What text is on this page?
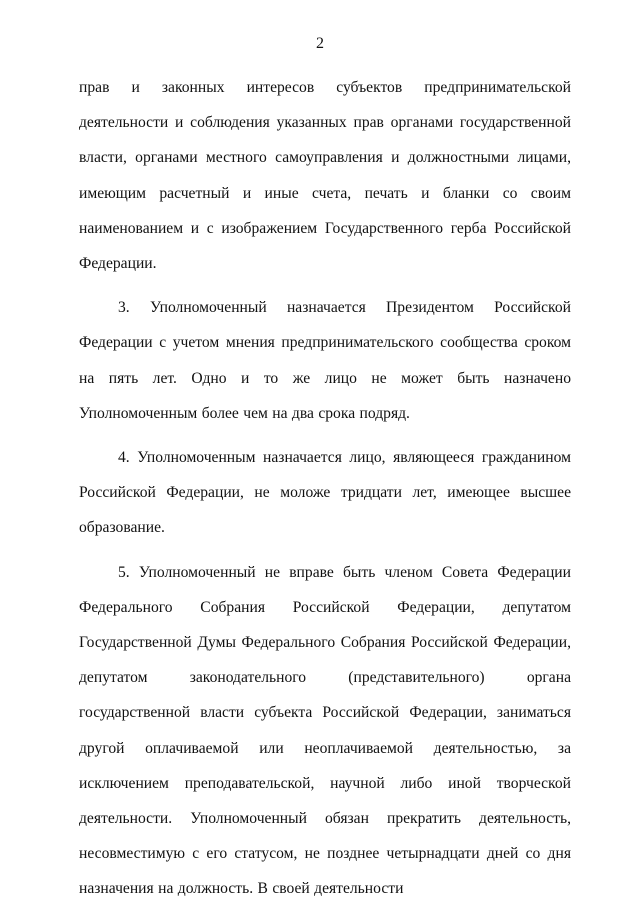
2

прав и законных интересов субъектов предпринимательской деятельности и соблюдения указанных прав органами государственной власти, органами местного самоуправления и должностными лицами, имеющим расчетный и иные счета, печать и бланки со своим наименованием и с изображением Государственного герба Российской Федерации.

3. Уполномоченный назначается Президентом Российской Федерации с учетом мнения предпринимательского сообщества сроком на пять лет. Одно и то же лицо не может быть назначено Уполномоченным более чем на два срока подряд.

4. Уполномоченным назначается лицо, являющееся гражданином Российской Федерации, не моложе тридцати лет, имеющее высшее образование.

5. Уполномоченный не вправе быть членом Совета Федерации Федерального Собрания Российской Федерации, депутатом Государственной Думы Федерального Собрания Российской Федерации, депутатом законодательного (представительного) органа государственной власти субъекта Российской Федерации, заниматься другой оплачиваемой или неоплачиваемой деятельностью, за исключением преподавательской, научной либо иной творческой деятельности. Уполномоченный обязан прекратить деятельность, несовместимую с его статусом, не позднее четырнадцати дней со дня назначения на должность. В своей деятельности
